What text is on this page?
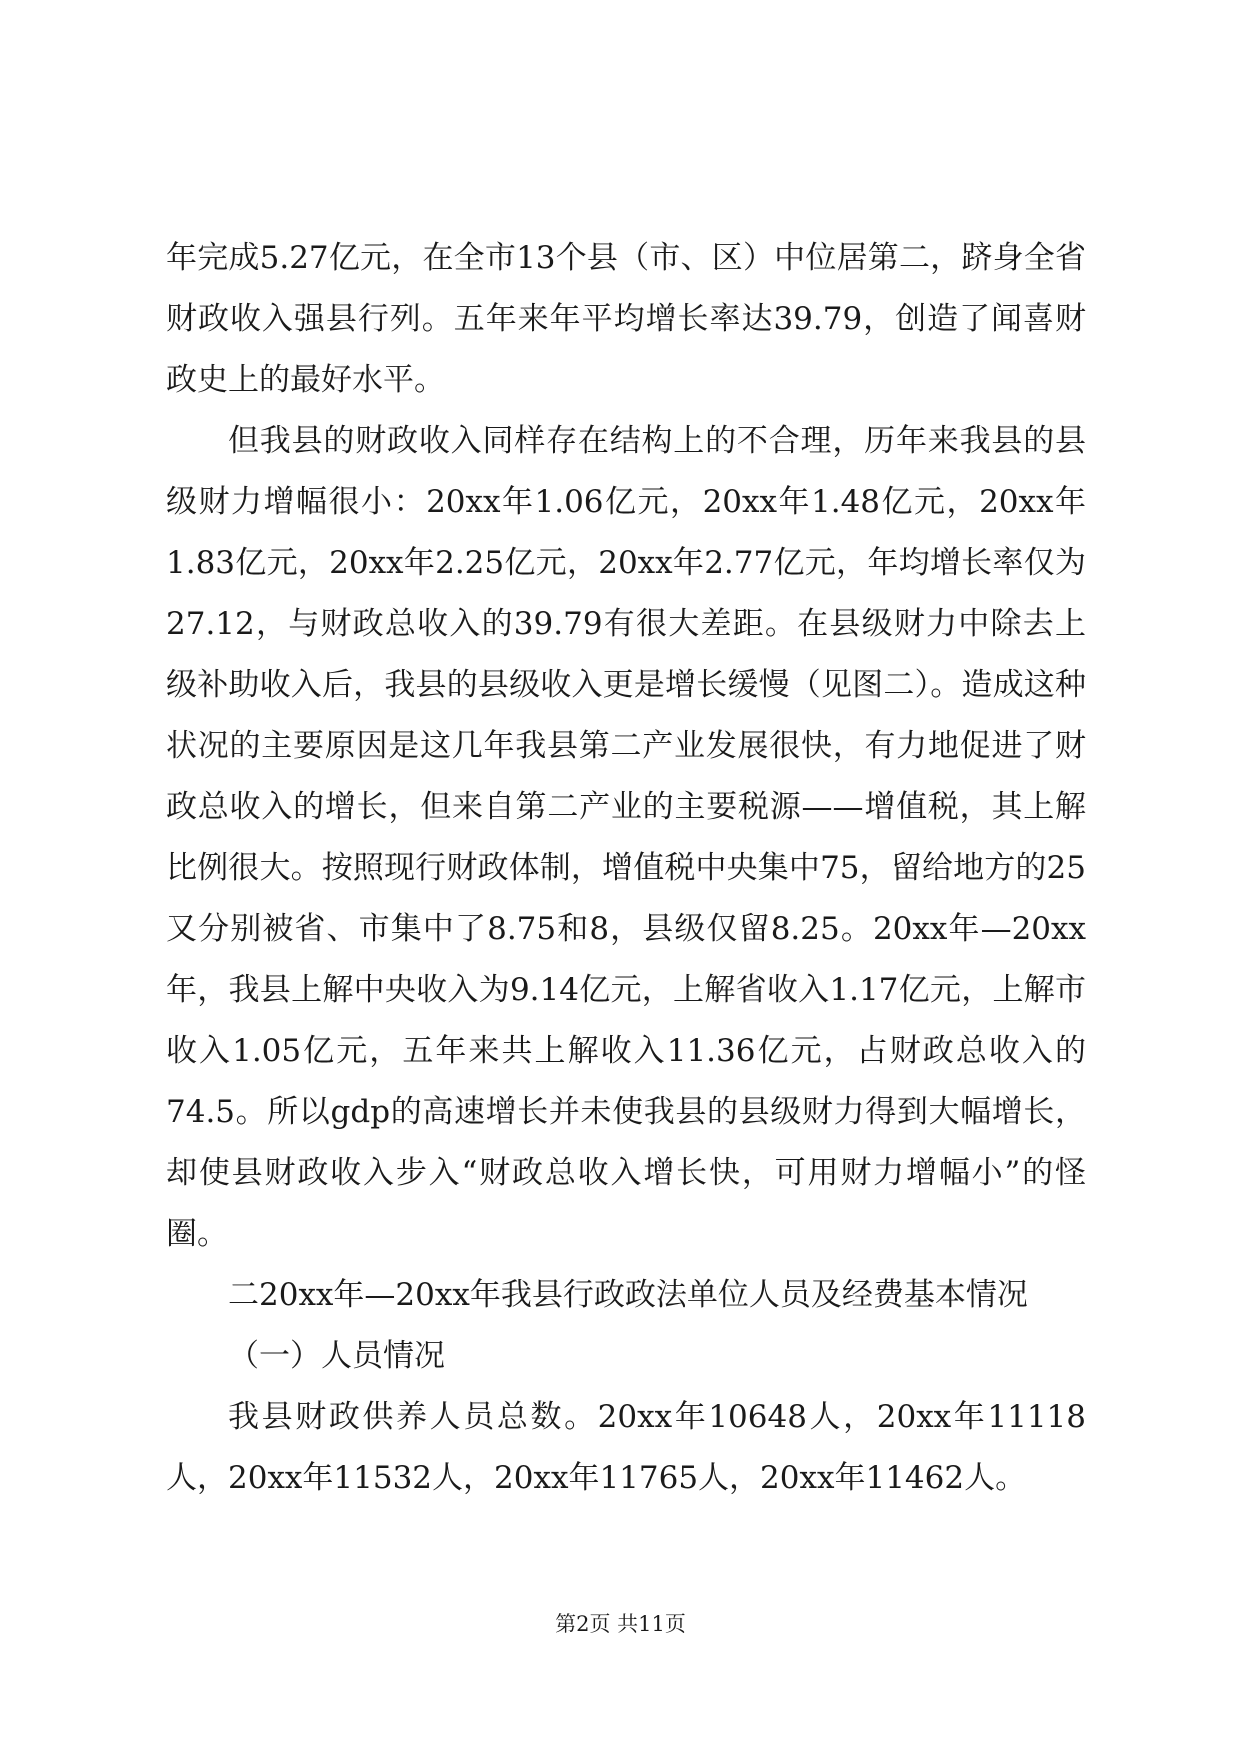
年完成5.27亿元，在全市13个县（市、区）中位居第二，跻身全省财政收入强县行列。五年来年平均增长率达39.79，创造了闻喜财政史上的最好水平。

但我县的财政收入同样存在结构上的不合理，历年来我县的县级财力增幅很小：20xx年1.06亿元，20xx年1.48亿元，20xx年1.83亿元，20xx年2.25亿元，20xx年2.77亿元，年均增长率仅为27.12，与财政总收入的39.79有很大差距。在县级财力中除去上级补助收入后，我县的县级收入更是增长缓慢（见图二）。造成这种状况的主要原因是这几年我县第二产业发展很快，有力地促进了财政总收入的增长，但来自第二产业的主要税源——增值税，其上解比例很大。按照现行财政体制，增值税中央集中75，留给地方的25又分别被省、市集中了8.75和8，县级仅留8.25。20xx年—20xx年，我县上解中央收入为9.14亿元，上解省收入1.17亿元，上解市收入1.05亿元，五年来共上解收入11.36亿元，占财政总收入的74.5。所以gdp的高速增长并未使我县的县级财力得到大幅增长，却使县财政收入步入“财政总收入增长快，可用财力增幅小”的怪圈。

二20xx年—20xx年我县行政政法单位人员及经费基本情况

（一）人员情况

我县财政供养人员总数。20xx年10648人，20xx年11118人，20xx年11532人，20xx年11765人，20xx年11462人。

第2页 共11页
